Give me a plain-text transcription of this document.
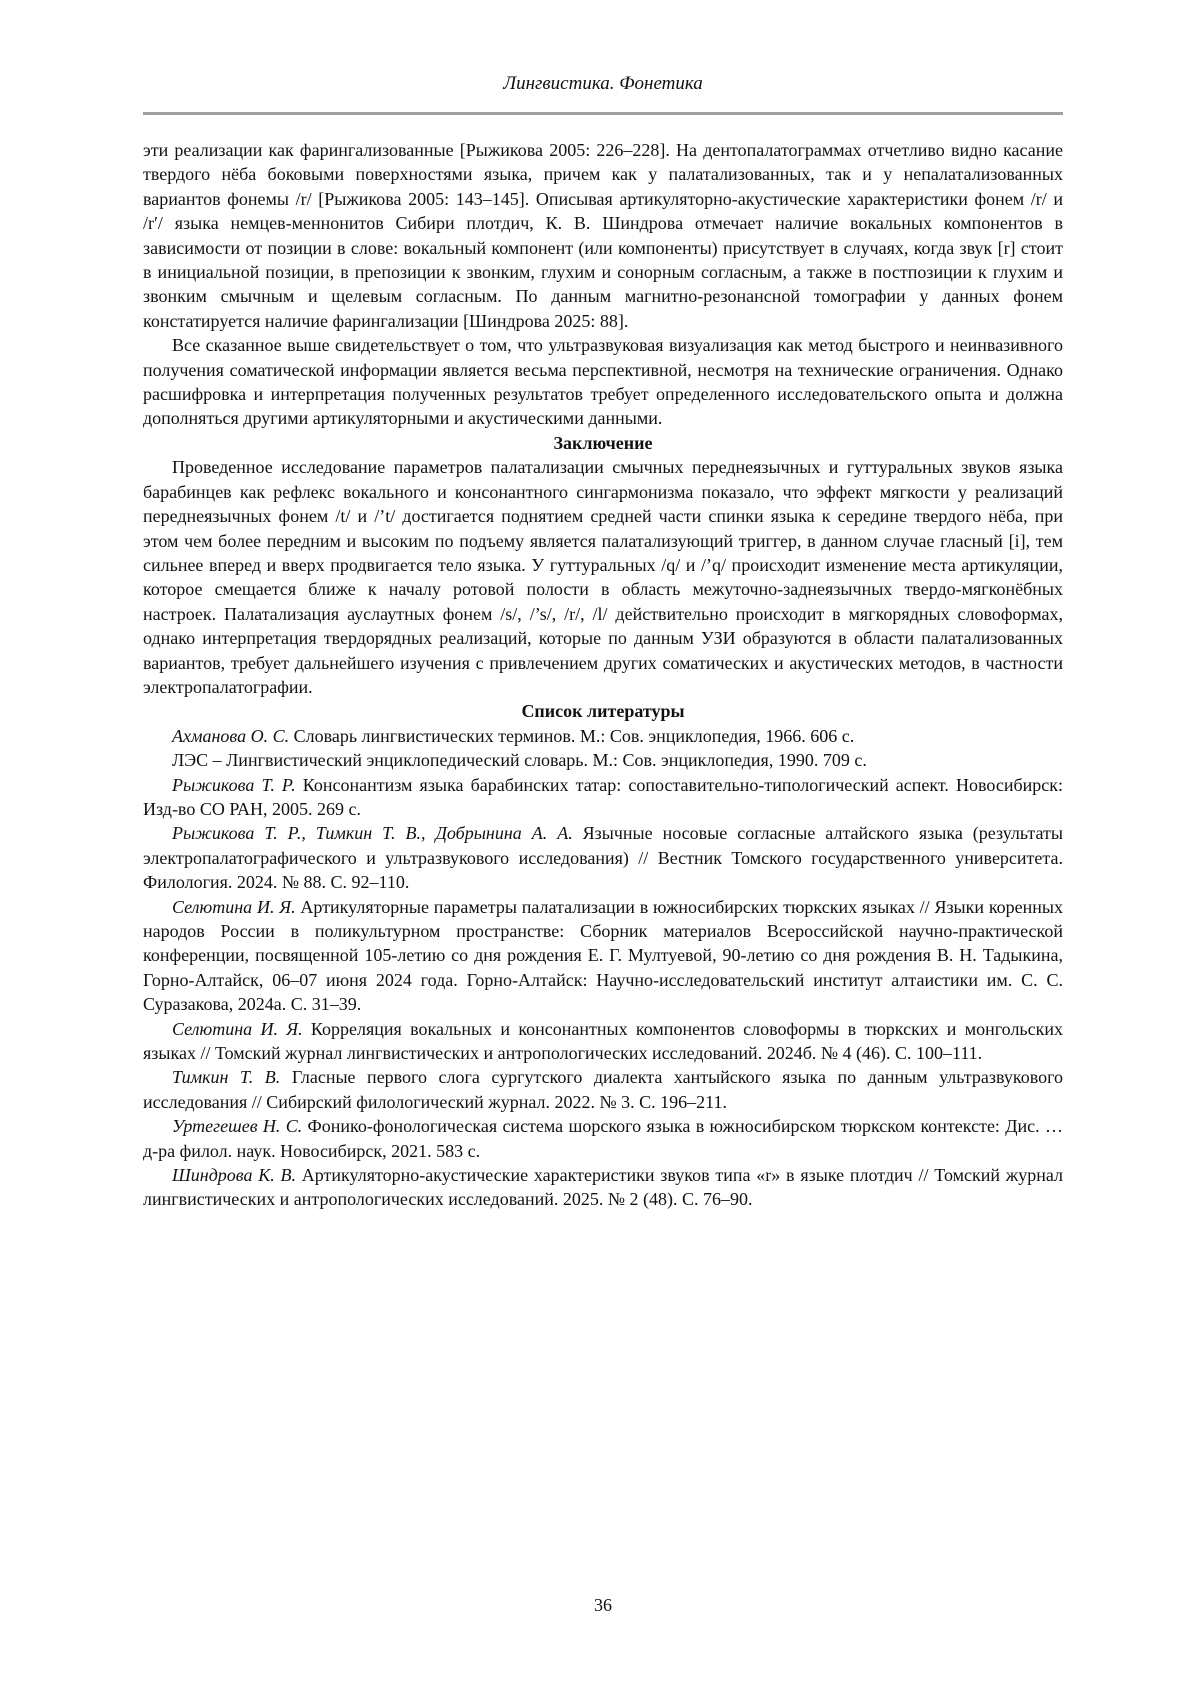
Лингвистика. Фонетика

эти реализации как фарингализованные [Рыжикова 2005: 226–228]. На дентопалатограммах отчетливо видно касание твердого нёба боковыми поверхностями языка, причем как у палатализованных, так и у непалатализованных вариантов фонемы /r/ [Рыжикова 2005: 143–145]. Описывая артикуляторно-акустические характеристики фонем /r/ и /r′/ языка немцев-меннонитов Сибири плотдич, К. В. Шиндрова отмечает наличие вокальных компонентов в зависимости от позиции в слове: вокальный компонент (или компоненты) присутствует в случаях, когда звук [r] стоит в инициальной позиции, в препозиции к звонким, глухим и сонорным согласным, а также в постпозиции к глухим и звонким смычным и щелевым согласным. По данным магнитно-резонансной томографии у данных фонем констатируется наличие фарингализации [Шиндрова 2025: 88].

Все сказанное выше свидетельствует о том, что ультразвуковая визуализация как метод быстрого и неинвазивного получения соматической информации является весьма перспективной, несмотря на технические ограничения. Однако расшифровка и интерпретация полученных результатов требует определенного исследовательского опыта и должна дополняться другими артикуляторными и акустическими данными.

Заключение

Проведенное исследование параметров палатализации смычных переднеязычных и гуттуральных звуков языка барабинцев как рефлекс вокального и консонантного сингармонизма показало, что эффект мягкости у реализаций переднеязычных фонем /t/ и /’t/ достигается поднятием средней части спинки языка к середине твердого нёба, при этом чем более передним и высоким по подъему является палатализующий триггер, в данном случае гласный [i], тем сильнее вперед и вверх продвигается тело языка. У гуттуральных /q/ и /’q/ происходит изменение места артикуляции, которое смещается ближе к началу ротовой полости в область межуточно-заднеязычных твердо-мягконёбных настроек. Палатализация ауслаутных фонем /s/, /’s/, /r/, /l/ действительно происходит в мягкорядных словоформах, однако интерпретация твердорядных реализаций, которые по данным УЗИ образуются в области палатализованных вариантов, требует дальнейшего изучения с привлечением других соматических и акустических методов, в частности электропалатографии.

Список литературы

Ахманова О. С. Словарь лингвистических терминов. М.: Сов. энциклопедия, 1966. 606 с.

ЛЭС – Лингвистический энциклопедический словарь. М.: Сов. энциклопедия, 1990. 709 с.

Рыжикова Т. Р. Консонантизм языка барабинских татар: сопоставительно-типологический аспект. Новосибирск: Изд-во СО РАН, 2005. 269 с.

Рыжикова Т. Р., Тимкин Т. В., Добрынина А. А. Язычные носовые согласные алтайского языка (результаты электропалатографического и ультразвукового исследования) // Вестник Томского государственного университета. Филология. 2024. № 88. С. 92–110.

Селютина И. Я. Артикуляторные параметры палатализации в южносибирских тюркских языках // Языки коренных народов России в поликультурном пространстве: Сборник материалов Всероссийской научно-практической конференции, посвященной 105-летию со дня рождения Е. Г. Мултуевой, 90-летию со дня рождения В. Н. Тадыкина, Горно-Алтайск, 06–07 июня 2024 года. Горно-Алтайск: Научно-исследовательский институт алтаистики им. С. С. Суразакова, 2024а. С. 31–39.

Селютина И. Я. Корреляция вокальных и консонантных компонентов словоформы в тюркских и монгольских языках // Томский журнал лингвистических и антропологических исследований. 2024б. № 4 (46). С. 100–111.

Тимкин Т. В. Гласные первого слога сургутского диалекта хантыйского языка по данным ультразвукового исследования // Сибирский филологический журнал. 2022. № 3. С. 196–211.

Уртегешев Н. С. Фонико-фонологическая система шорского языка в южносибирском тюркском контексте: Дис. … д-ра филол. наук. Новосибирск, 2021. 583 с.

Шиндрова К. В. Артикуляторно-акустические характеристики звуков типа «r» в языке плотдич // Томский журнал лингвистических и антропологических исследований. 2025. № 2 (48). С. 76–90.

36
